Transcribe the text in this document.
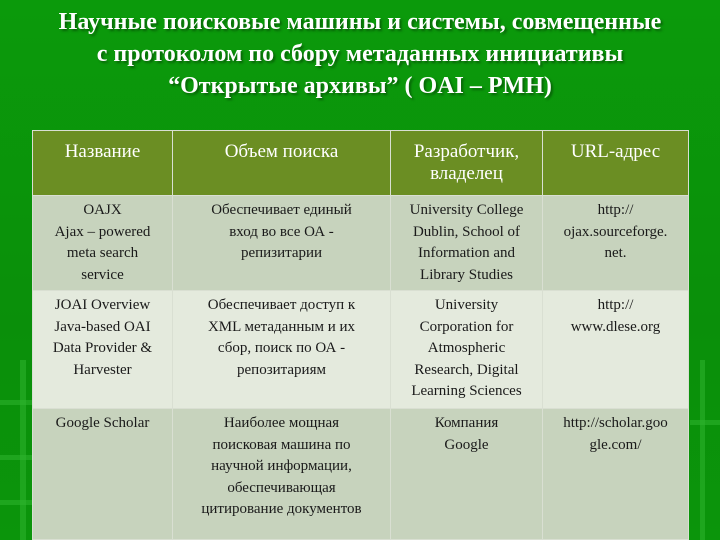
Научные поисковые машины и системы, совмещенные
с протоколом по сбору метаданных инициативы
“Открытые архивы” ( OAI – PMH)
Название	Объем поиска	Разработчик,
владелец	URL-адрес

OAJX
Ajax – powered
meta search
service	Обеспечивает единый
вход во все ОА -
репизитарии	University College
Dublin, School of
Information and
Library Studies	http://
ojax.sourceforge.
net.

JOAI Overview
Java-based OAI
Data Provider &
Harvester	Обеспечивает доступ к
XML метаданным и их
сбор, поиск по ОА -
репозитариям	University
Corporation for
Atmospheric
Research, Digital
Learning Sciences	http://
www.dlese.org

Google Scholar	Наиболее мощная
поисковая машина по
научной информации,
обеспечивающая
цитирование документов	Компания
Google	http://scholar.goo
gle.com/
